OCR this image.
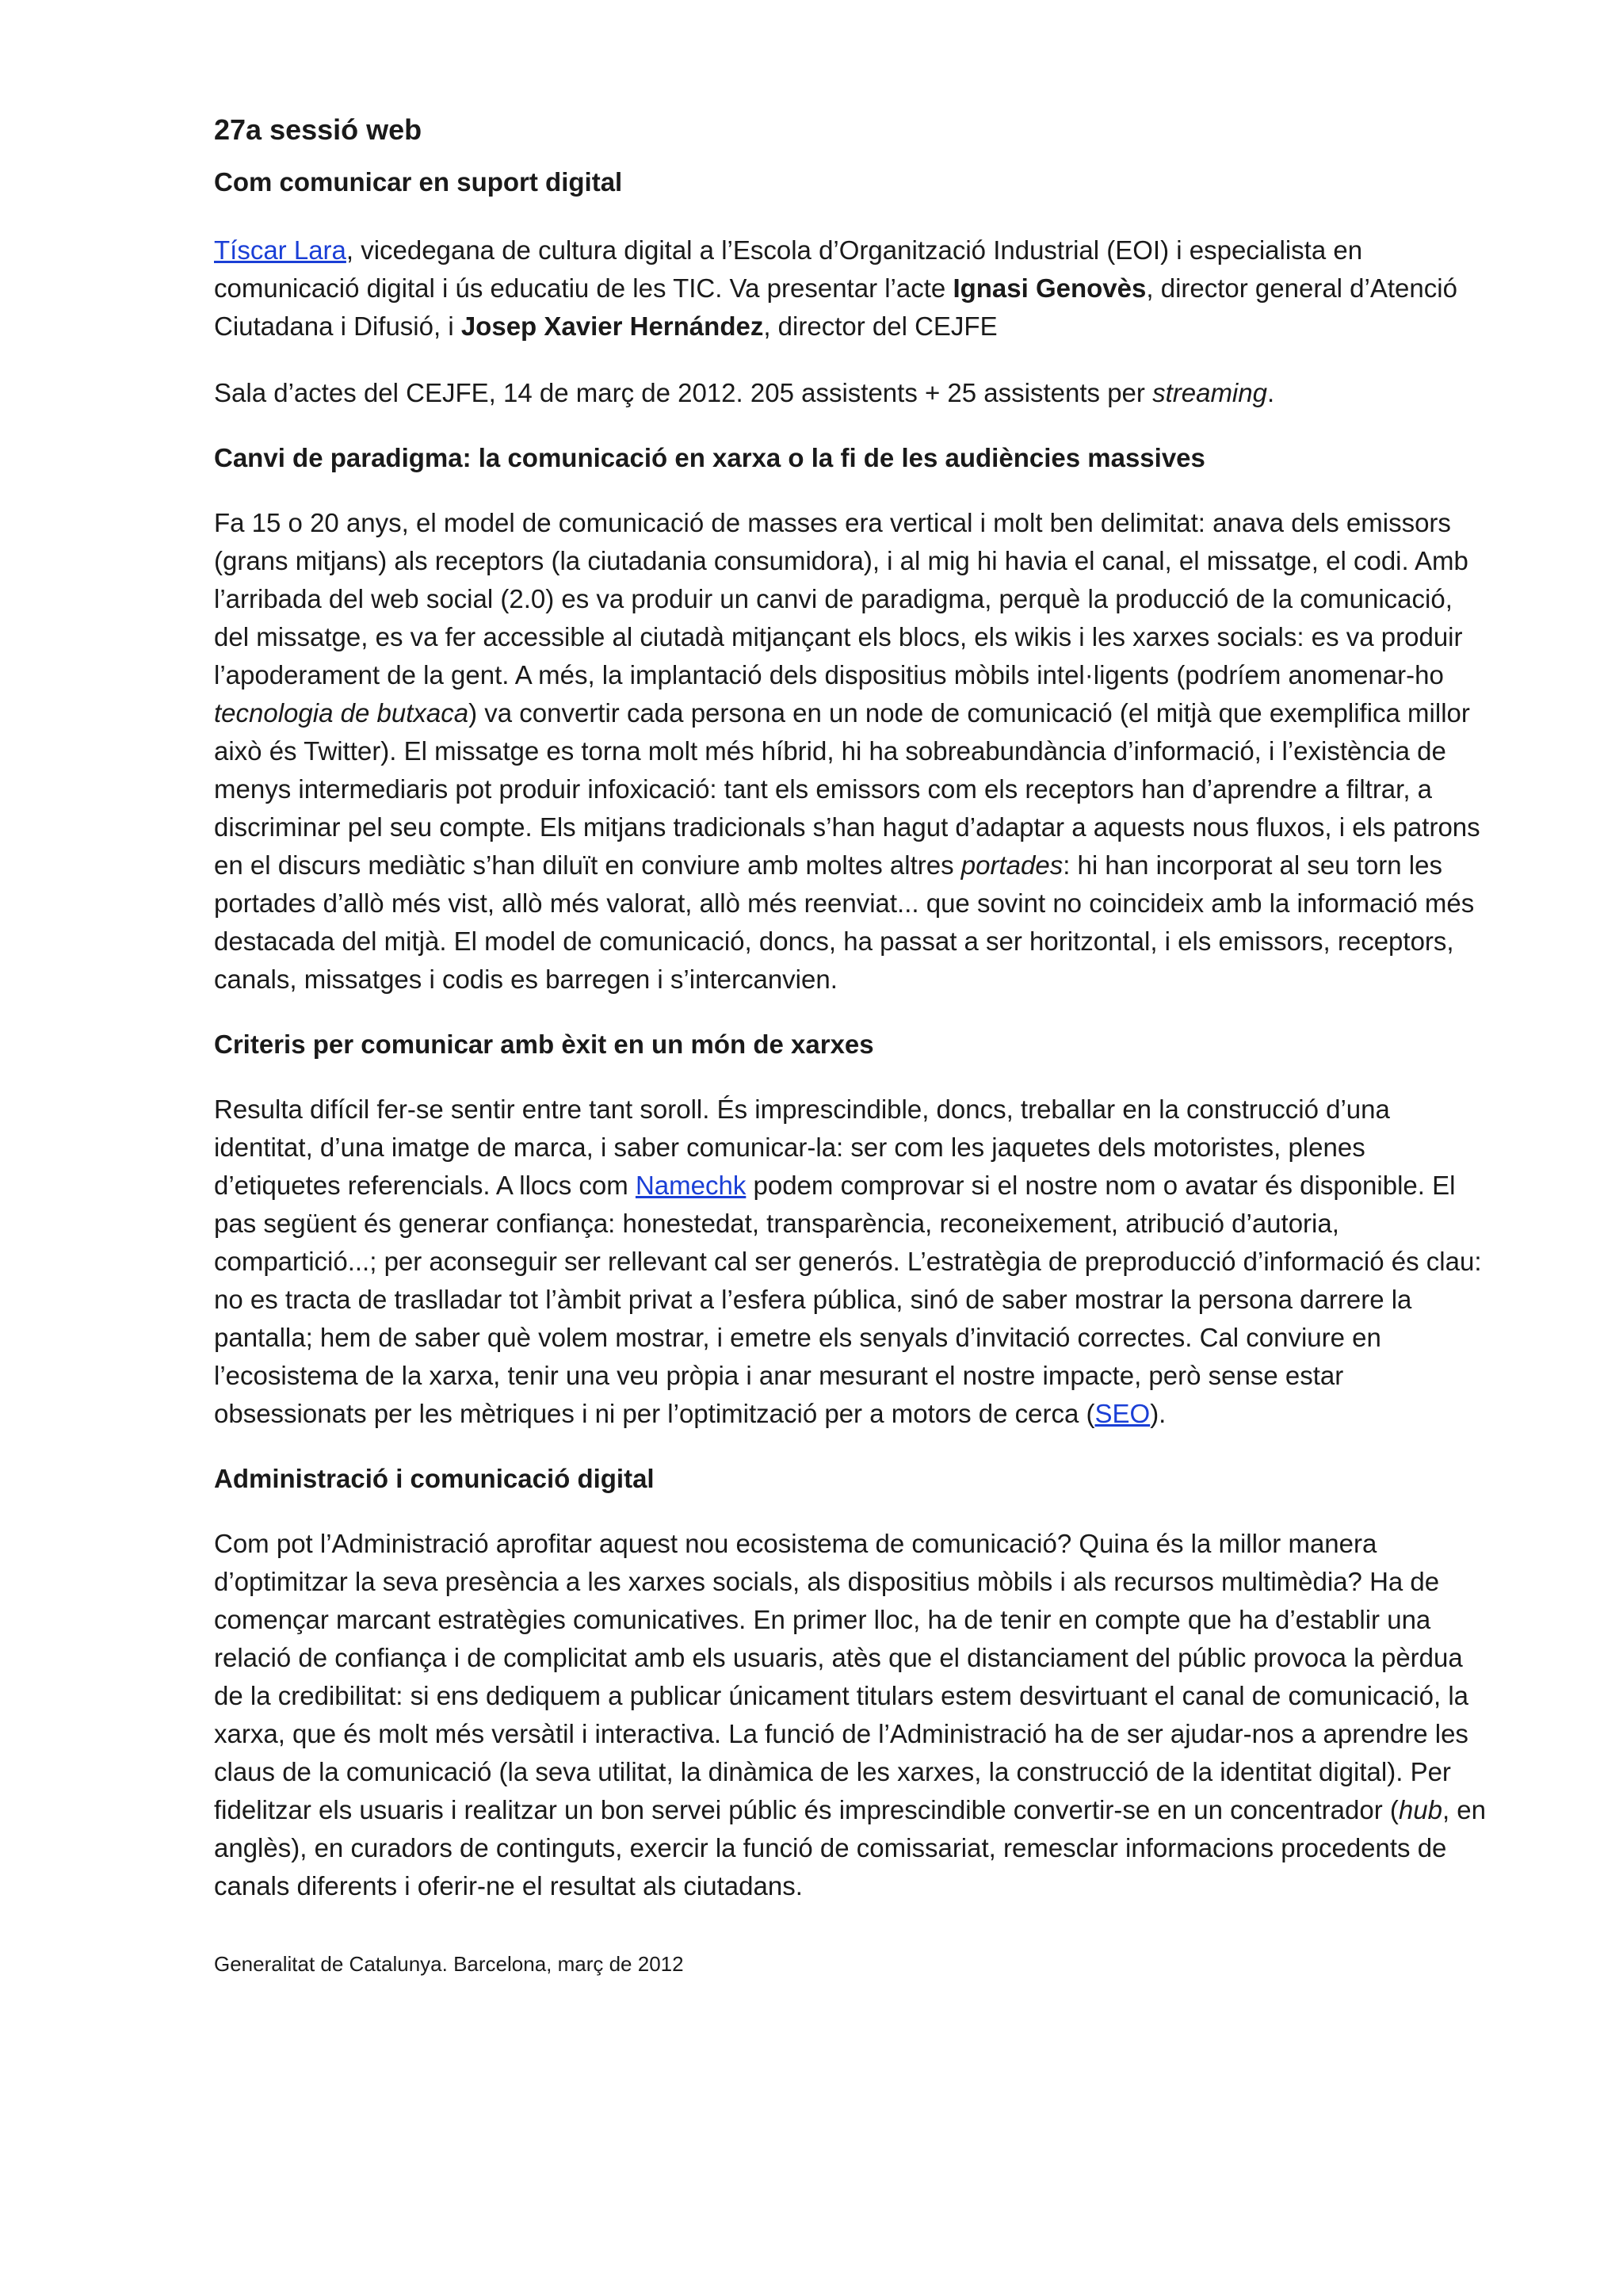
27a sessió web
Com comunicar en suport digital

Tíscar Lara, vicedegana de cultura digital a l’Escola d’Organització Industrial (EOI) i especialista en comunicació digital i ús educatiu de les TIC. Va presentar l’acte Ignasi Genovès, director general d’Atenció Ciutadana i Difusió, i Josep Xavier Hernández, director del CEJFE

Sala d’actes del CEJFE, 14 de març de 2012. 205 assistents + 25 assistents per streaming.

Canvi de paradigma: la comunicació en xarxa o la fi de les audiències massives

Fa 15 o 20 anys, el model de comunicació de masses era vertical i molt ben delimitat: anava dels emissors (grans mitjans) als receptors (la ciutadania consumidora), i al mig hi havia el canal, el missatge, el codi. Amb l’arribada del web social (2.0) es va produir un canvi de paradigma, perquè la producció de la comunicació, del missatge, es va fer accessible al ciutadà mitjançant els blocs, els wikis i les xarxes socials: es va produir l’apoderament de la gent. A més, la implantació dels dispositius mòbils intel·ligents (podríem anomenar-ho tecnologia de butxaca) va convertir cada persona en un node de comunicació (el mitjà que exemplifica millor això és Twitter). El missatge es torna molt més híbrid, hi ha sobreabundància d’informació, i l’existència de menys intermediaris pot produir infoxicació: tant els emissors com els receptors han d’aprendre a filtrar, a discriminar pel seu compte. Els mitjans tradicionals s’han hagut d’adaptar a aquests nous fluxos, i els patrons en el discurs mediàtic s’han diluït en conviure amb moltes altres portades: hi han incorporat al seu torn les portades d’allò més vist, allò més valorat, allò més reenviat... que sovint no coincideix amb la informació més destacada del mitjà. El model de comunicació, doncs, ha passat a ser horitzontal, i els emissors, receptors, canals, missatges i codis es barregen i s’intercanvien.

Criteris per comunicar amb èxit en un món de xarxes

Resulta difícil fer-se sentir entre tant soroll. És imprescindible, doncs, treballar en la construcció d’una identitat, d’una imatge de marca, i saber comunicar-la: ser com les jaquetes dels motoristes, plenes d’etiquetes referencials. A llocs com Namechk podem comprovar si el nostre nom o avatar és disponible. El pas següent és generar confiança: honestedat, transparència, reconeixement, atribució d’autoria, compartició...; per aconseguir ser rellevant cal ser generós. L’estratègia de preproducció d’informació és clau: no es tracta de traslladar tot l’àmbit privat a l’esfera pública, sinó de saber mostrar la persona darrere la pantalla; hem de saber què volem mostrar, i emetre els senyals d’invitació correctes. Cal conviure en l’ecosistema de la xarxa, tenir una veu pròpia i anar mesurant el nostre impacte, però sense estar obsessionats per les mètriques i ni per l’optimització per a motors de cerca (SEO).

Administració i comunicació digital

Com pot l’Administració aprofitar aquest nou ecosistema de comunicació? Quina és la millor manera d’optimitzar la seva presència a les xarxes socials, als dispositius mòbils i als recursos multimèdia? Ha de començar marcant estratègies comunicatives. En primer lloc, ha de tenir en compte que ha d’establir una relació de confiança i de complicitat amb els usuaris, atès que el distanciament del públic provoca la pèrdua de la credibilitat: si ens dediquem a publicar únicament titulars estem desvirtuant el canal de comunicació, la xarxa, que és molt més versàtil i interactiva. La funció de l’Administració ha de ser ajudar-nos a aprendre les claus de la comunicació (la seva utilitat, la dinàmica de les xarxes, la construcció de la identitat digital). Per fidelitzar els usuaris i realitzar un bon servei públic és imprescindible convertir-se en un concentrador (hub, en anglès), en curadors de continguts, exercir la funció de comissariat, remesclar informacions procedents de canals diferents i oferir-ne el resultat als ciutadans.

Generalitat de Catalunya. Barcelona, març de 2012
